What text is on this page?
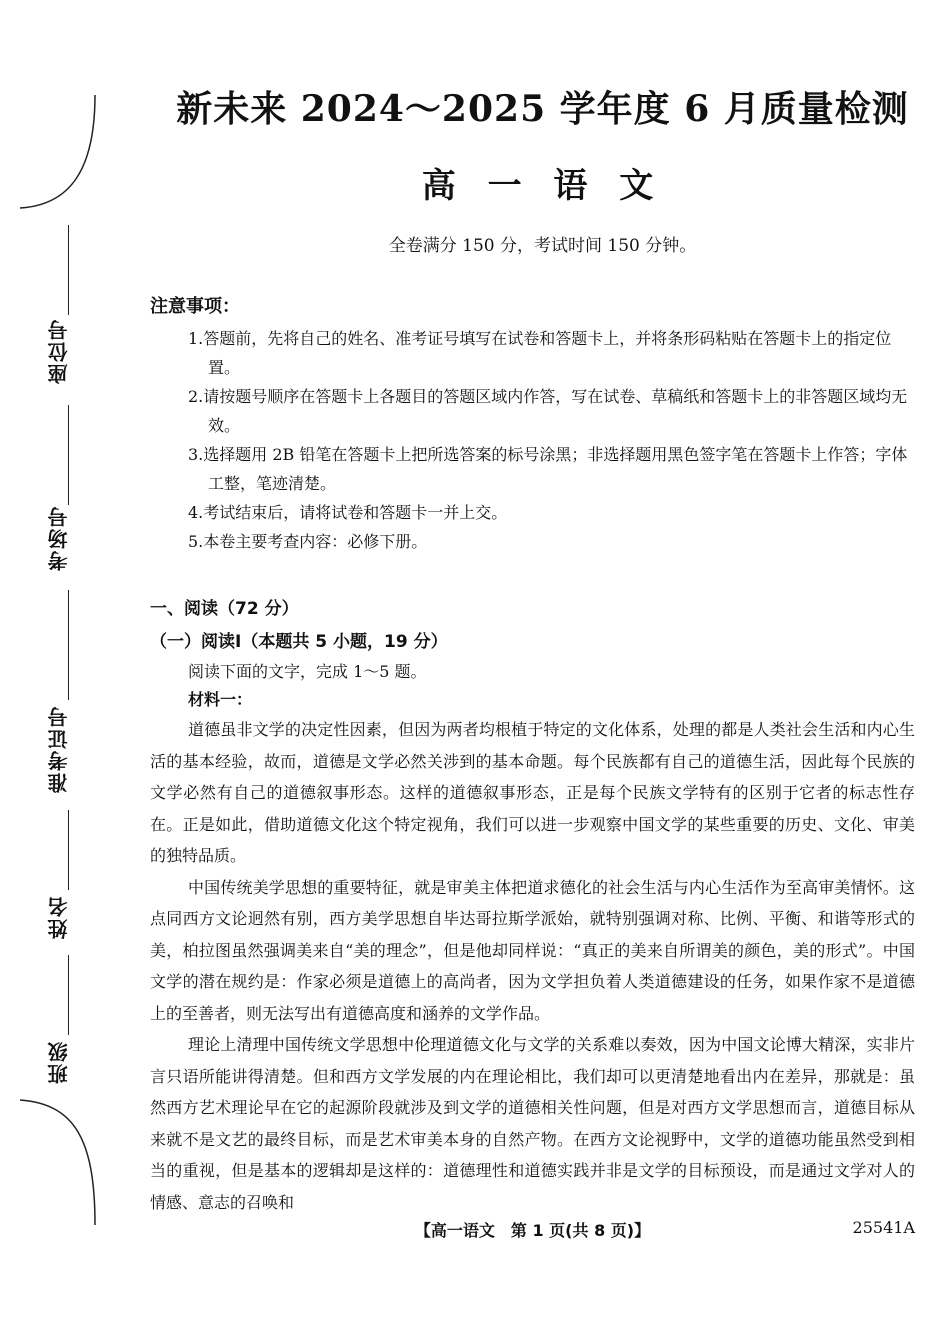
座位号
考场号
准考证号
姓名
班级
新未来 2024～2025 学年度 6 月质量检测
高 一 语 文
全卷满分 150 分，考试时间 150 分钟。
注意事项：
1.答题前，先将自己的姓名、准考证号填写在试卷和答题卡上，并将条形码粘贴在答题卡上的指定位置。
2.请按题号顺序在答题卡上各题目的答题区域内作答，写在试卷、草稿纸和答题卡上的非答题区域均无效。
3.选择题用 2B 铅笔在答题卡上把所选答案的标号涂黑；非选择题用黑色签字笔在答题卡上作答；字体工整，笔迹清楚。
4.考试结束后，请将试卷和答题卡一并上交。
5.本卷主要考查内容：必修下册。
一、阅读（72 分）
（一）阅读Ⅰ（本题共 5 小题，19 分）
阅读下面的文字，完成 1～5 题。
材料一：

道德虽非文学的决定性因素，但因为两者均根植于特定的文化体系，处理的都是人类社会生活和内心生活的基本经验，故而，道德是文学必然关涉到的基本命题。每个民族都有自己的道德生活，因此每个民族的文学必然有自己的道德叙事形态。这样的道德叙事形态，正是每个民族文学特有的区别于它者的标志性存在。正是如此，借助道德文化这个特定视角，我们可以进一步观察中国文学的某些重要的历史、文化、审美的独特品质。

中国传统美学思想的重要特征，就是审美主体把道求德化的社会生活与内心生活作为至高审美情怀。这点同西方文论迥然有别，西方美学思想自毕达哥拉斯学派始，就特别强调对称、比例、平衡、和谐等形式的美，柏拉图虽然强调美来自“美的理念”，但是他却同样说：“真正的美来自所谓美的颜色，美的形式”。中国文学的潜在规约是：作家必须是道德上的高尚者，因为文学担负着人类道德建设的任务，如果作家不是道德上的至善者，则无法写出有道德高度和涵养的文学作品。

理论上清理中国传统文学思想中伦理道德文化与文学的关系难以奏效，因为中国文论博大精深，实非片言只语所能讲得清楚。但和西方文学发展的内在理论相比，我们却可以更清楚地看出内在差异，那就是：虽然西方艺术理论早在它的起源阶段就涉及到文学的道德相关性问题，但是对西方文学思想而言，道德目标从来就不是文艺的最终目标，而是艺术审美本身的自然产物。在西方文论视野中，文学的道德功能虽然受到相当的重视，但是基本的逻辑却是这样的：道德理性和道德实践并非是文学的目标预设，而是通过文学对人的情感、意志的召唤和

【高一语文　第 1 页(共 8 页)】	25541A
